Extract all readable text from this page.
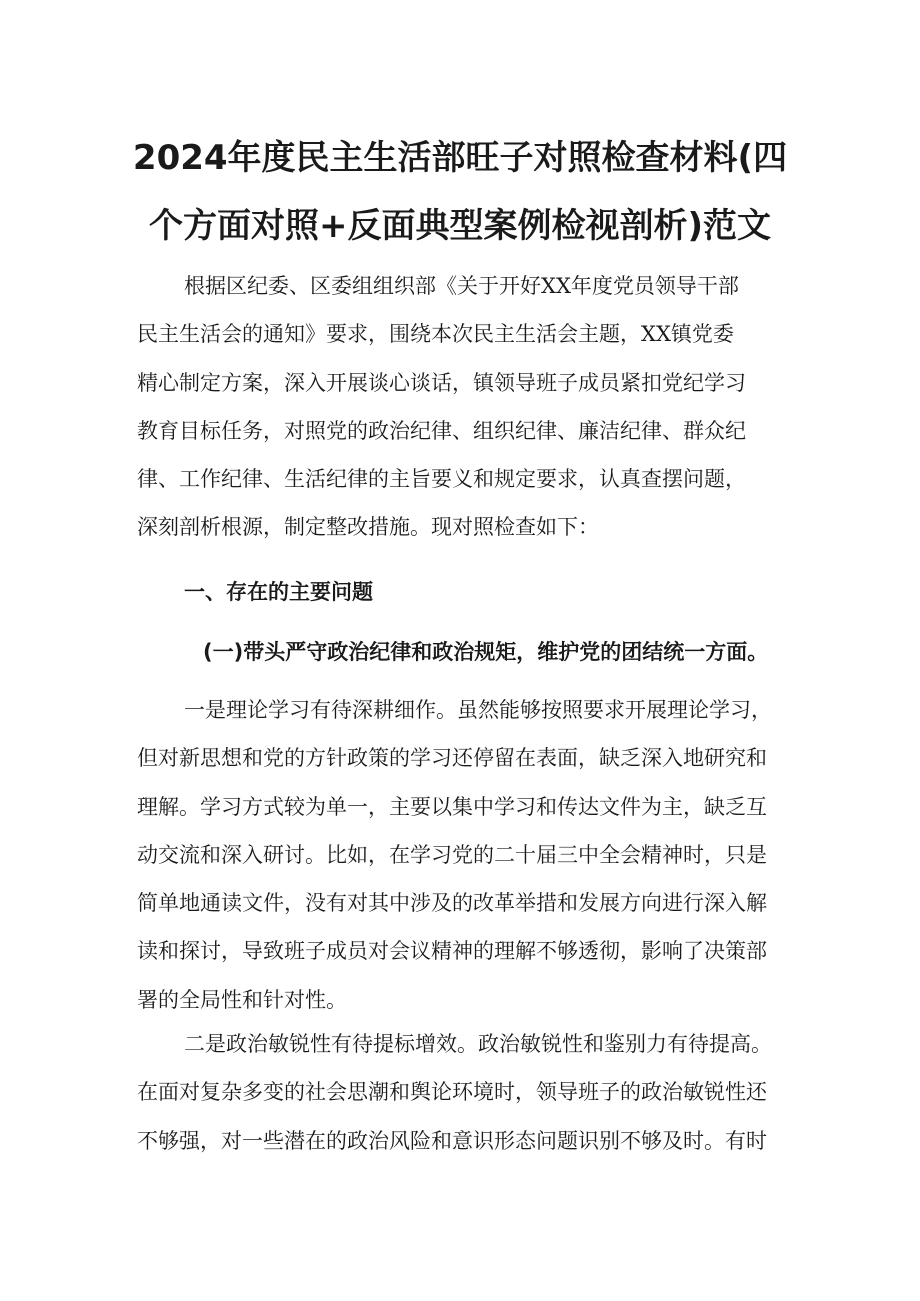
2024年度民主生活部旺子对照检查材料(四
个方面对照+反面典型案例检视剖析)范文
根据区纪委、区委组组织部《关于开好XX年度党员领导干部
民主生活会的通知》要求，围绕本次民主生活会主题，XX镇党委
精心制定方案，深入开展谈心谈话，镇领导班子成员紧扣党纪学习
教育目标任务，对照党的政治纪律、组织纪律、廉洁纪律、群众纪
律、工作纪律、生活纪律的主旨要义和规定要求，认真查摆问题，
深刻剖析根源，制定整改措施。现对照检查如下：
一、存在的主要问题
(一)带头严守政治纪律和政治规矩，维护党的团结统一方面。
一是理论学习有待深耕细作。虽然能够按照要求开展理论学习，
但对新思想和党的方针政策的学习还停留在表面，缺乏深入地研究和
理解。学习方式较为单一，主要以集中学习和传达文件为主，缺乏互
动交流和深入研讨。比如，在学习党的二十届三中全会精神时，只是
简单地通读文件，没有对其中涉及的改革举措和发展方向进行深入解
读和探讨，导致班子成员对会议精神的理解不够透彻，影响了决策部
署的全局性和针对性。
二是政治敏锐性有待提标增效。政治敏锐性和鉴别力有待提高。
在面对复杂多变的社会思潮和舆论环境时，领导班子的政治敏锐性还
不够强，对一些潜在的政治风险和意识形态问题识别不够及时。有时
